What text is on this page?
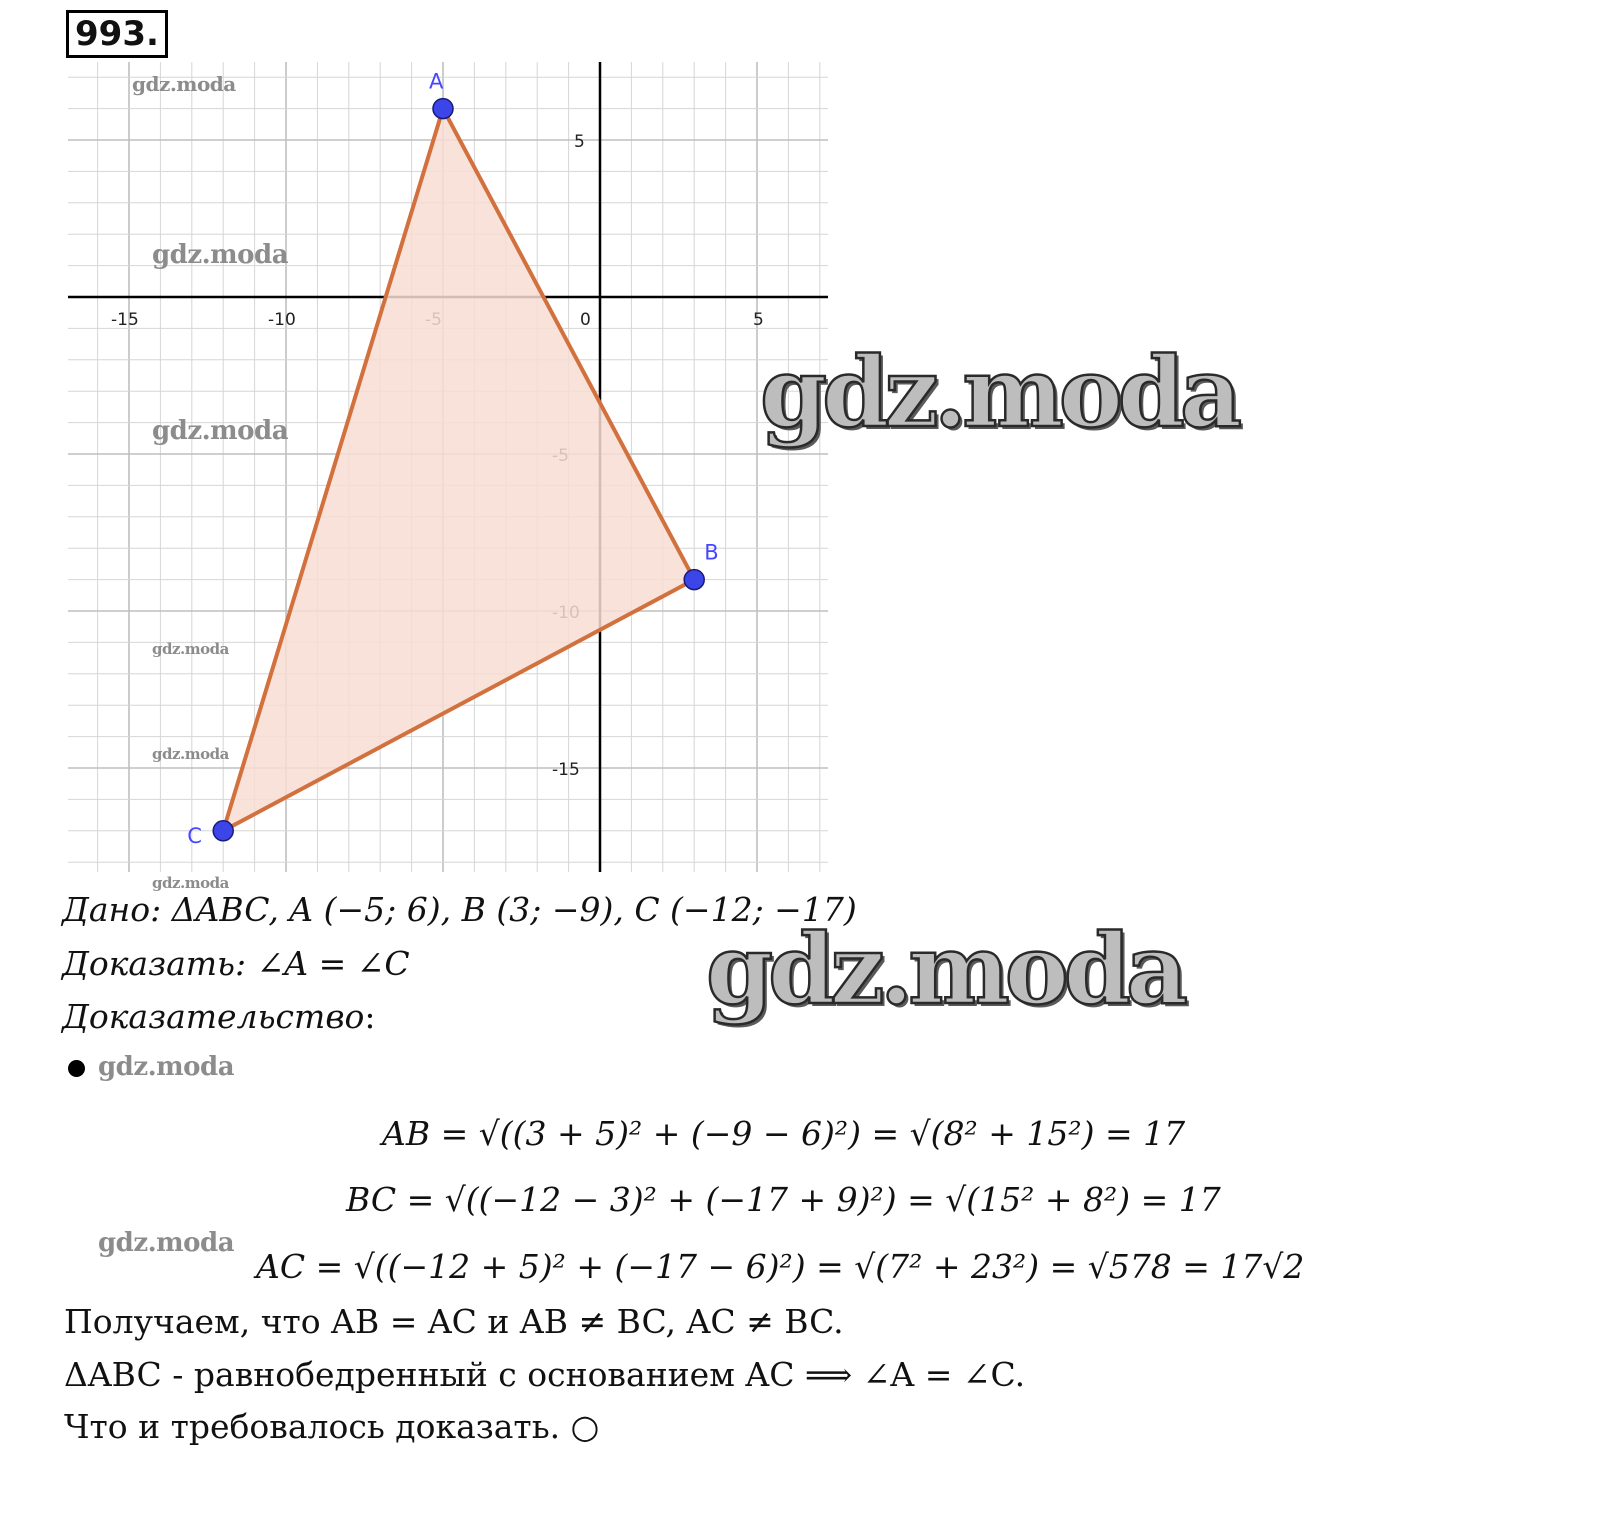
993.
-15	-10	0	5
5
-15
A
B
C
gdz.moda
gdz.moda
gdz.moda
gdz.moda
gdz.moda
gdz.moda
gdz.moda
gdz.moda
Дано: ΔABC, A (−5; 6), B (3; −9), C (−12; −17)
Доказать: ∠A = ∠C
Доказательство:
gdz.moda
AB = √((3 + 5)² + (−9 − 6)²) = √(8² + 15²) = 17
BC = √((−12 − 3)² + (−17 + 9)²) = √(15² + 8²) = 17
gdz.moda
AC = √((−12 + 5)² + (−17 − 6)²) = √(7² + 23²) = √578 = 17√2
Получаем, что AB = AC и AB ≠ BC, AC ≠ BC.
ΔABC - равнобедренный с основанием AC ⟹ ∠A = ∠C.
Что и требовалось доказать. ○
